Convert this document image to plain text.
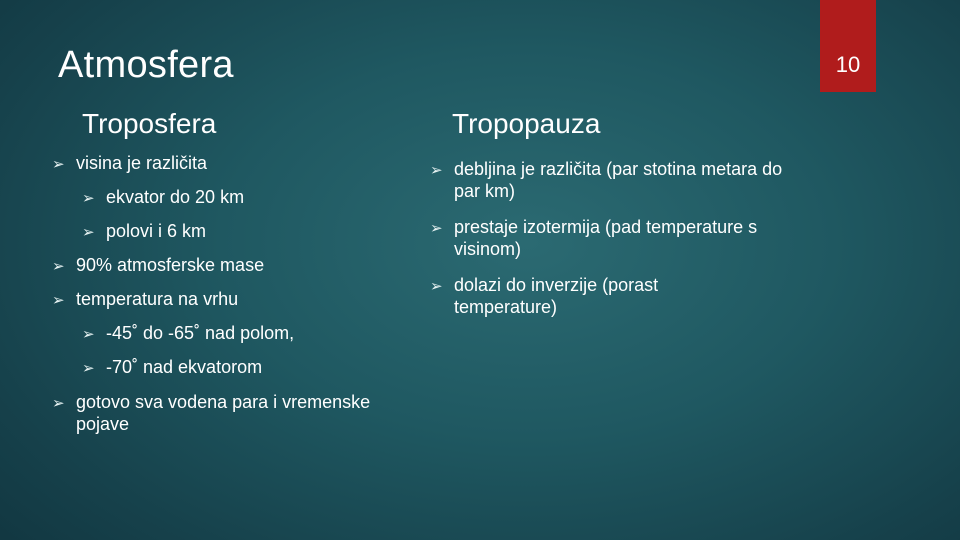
Atmosfera	10
Troposfera	Tropopauza
➢ visina je različita
➢ ekvator do 20 km
➢ polovi i 6 km
➢ 90% atmosferske mase
➢ temperatura na vrhu
➢ -45˚ do -65˚ nad polom,
➢ -70˚ nad ekvatorom
➢ gotovo sva vodena para i vremenske pojave
➢ debljina je različita (par stotina metara do par km)
➢ prestaje izotermija (pad temperature s visinom)
➢ dolazi do inverzije (porast temperature)
